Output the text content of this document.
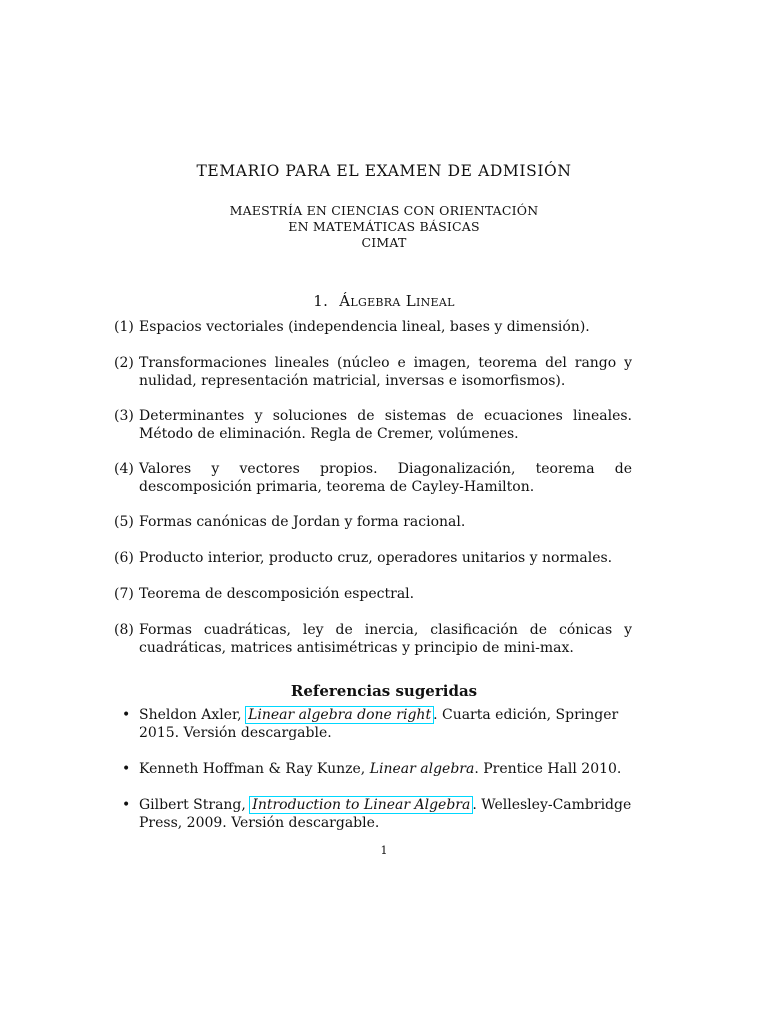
TEMARIO PARA EL EXAMEN DE ADMISIÓN
MAESTRÍA EN CIENCIAS CON ORIENTACIÓN
EN MATEMÁTICAS BÁSICAS
CIMAT
1. Álgebra Lineal
(1) Espacios vectoriales (independencia lineal, bases y dimensión).
(2) Transformaciones lineales (núcleo e imagen, teorema del rango y nulidad, representación matricial, inversas e isomorfismos).
(3) Determinantes y soluciones de sistemas de ecuaciones lineales. Método de eliminación. Regla de Cremer, volúmenes.
(4) Valores y vectores propios. Diagonalización, teorema de descomposición primaria, teorema de Cayley-Hamilton.
(5) Formas canónicas de Jordan y forma racional.
(6) Producto interior, producto cruz, operadores unitarios y normales.
(7) Teorema de descomposición espectral.
(8) Formas cuadráticas, ley de inercia, clasificación de cónicas y cuadráticas, matrices antisimétricas y principio de mini-max.
Referencias sugeridas
• Sheldon Axler, Linear algebra done right . Cuarta edición, Springer 2015. Versión descargable.
• Kenneth Hoffman & Ray Kunze, Linear algebra. Prentice Hall 2010.
• Gilbert Strang, Introduction to Linear Algebra . Wellesley-Cambridge Press, 2009. Versión descargable.
1
